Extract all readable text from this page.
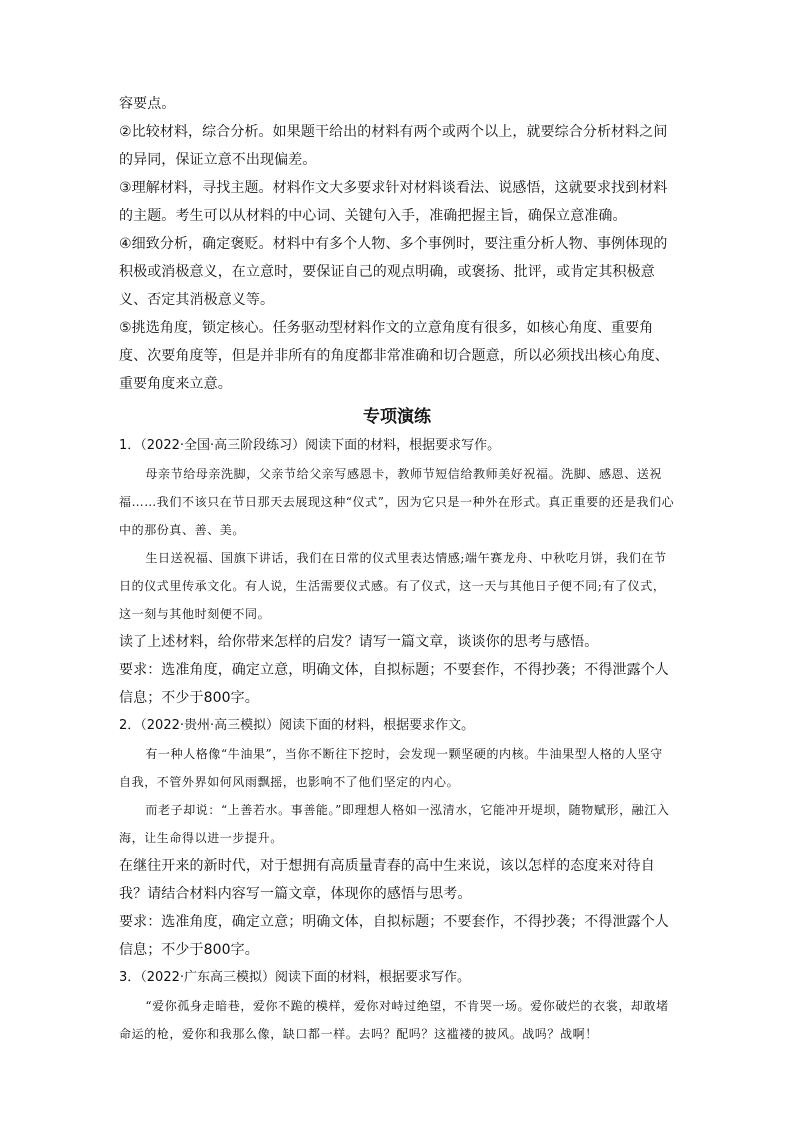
容要点。

②比较材料，综合分析。如果题干给出的材料有两个或两个以上，就要综合分析材料之间的异同，保证立意不出现偏差。

③理解材料，寻找主题。材料作文大多要求针对材料谈看法、说感悟，这就要求找到材料的主题。考生可以从材料的中心词、关键句入手，准确把握主旨，确保立意准确。

④细致分析，确定褒贬。材料中有多个人物、多个事例时，要注重分析人物、事例体现的积极或消极意义，在立意时，要保证自己的观点明确，或褒扬、批评，或肯定其积极意义、否定其消极意义等。

⑤挑选角度，锁定核心。任务驱动型材料作文的立意角度有很多，如核心角度、重要角度、次要角度等，但是并非所有的角度都非常准确和切合题意，所以必须找出核心角度、重要角度来立意。

专项演练

1．（2022·全国·高三阶段练习）阅读下面的材料，根据要求写作。

母亲节给母亲洗脚，父亲节给父亲写感恩卡，教师节短信给教师美好祝福。洗脚、感恩、送祝福……我们不该只在节日那天去展现这种“仪式”，因为它只是一种外在形式。真正重要的还是我们心中的那份真、善、美。

生日送祝福、国旗下讲话，我们在日常的仪式里表达情感;端午赛龙舟、中秋吃月饼，我们在节日的仪式里传承文化。有人说，生活需要仪式感。有了仪式，这一天与其他日子便不同;有了仪式，这一刻与其他时刻便不同。

读了上述材料，给你带来怎样的启发？请写一篇文章，谈谈你的思考与感悟。

要求：选准角度，确定立意，明确文体，自拟标题；不要套作，不得抄袭；不得泄露个人信息；不少于800字。

2．（2022·贵州·高三模拟）阅读下面的材料，根据要求作文。

有一种人格像“牛油果”，当你不断往下挖时，会发现一颗坚硬的内核。牛油果型人格的人坚守自我，不管外界如何风雨飘摇，也影响不了他们坚定的内心。

而老子却说：“上善若水。事善能。”即理想人格如一泓清水，它能冲开堤坝，随物赋形，融江入海，让生命得以进一步提升。

在继往开来的新时代，对于想拥有高质量青春的高中生来说，该以怎样的态度来对待自我？请结合材料内容写一篇文章，体现你的感悟与思考。

要求：选准角度，确定立意；明确文体，自拟标题；不要套作，不得抄袭；不得泄露个人信息；不少于800字。

3．（2022·广东高三模拟）阅读下面的材料，根据要求写作。

“爱你孤身走暗巷，爱你不跪的模样，爱你对峙过绝望，不肯哭一场。爱你破烂的衣裳，却敢堵命运的枪，爱你和我那么像，缺口都一样。去吗？配吗？这褴褛的披风。战吗？战啊！
